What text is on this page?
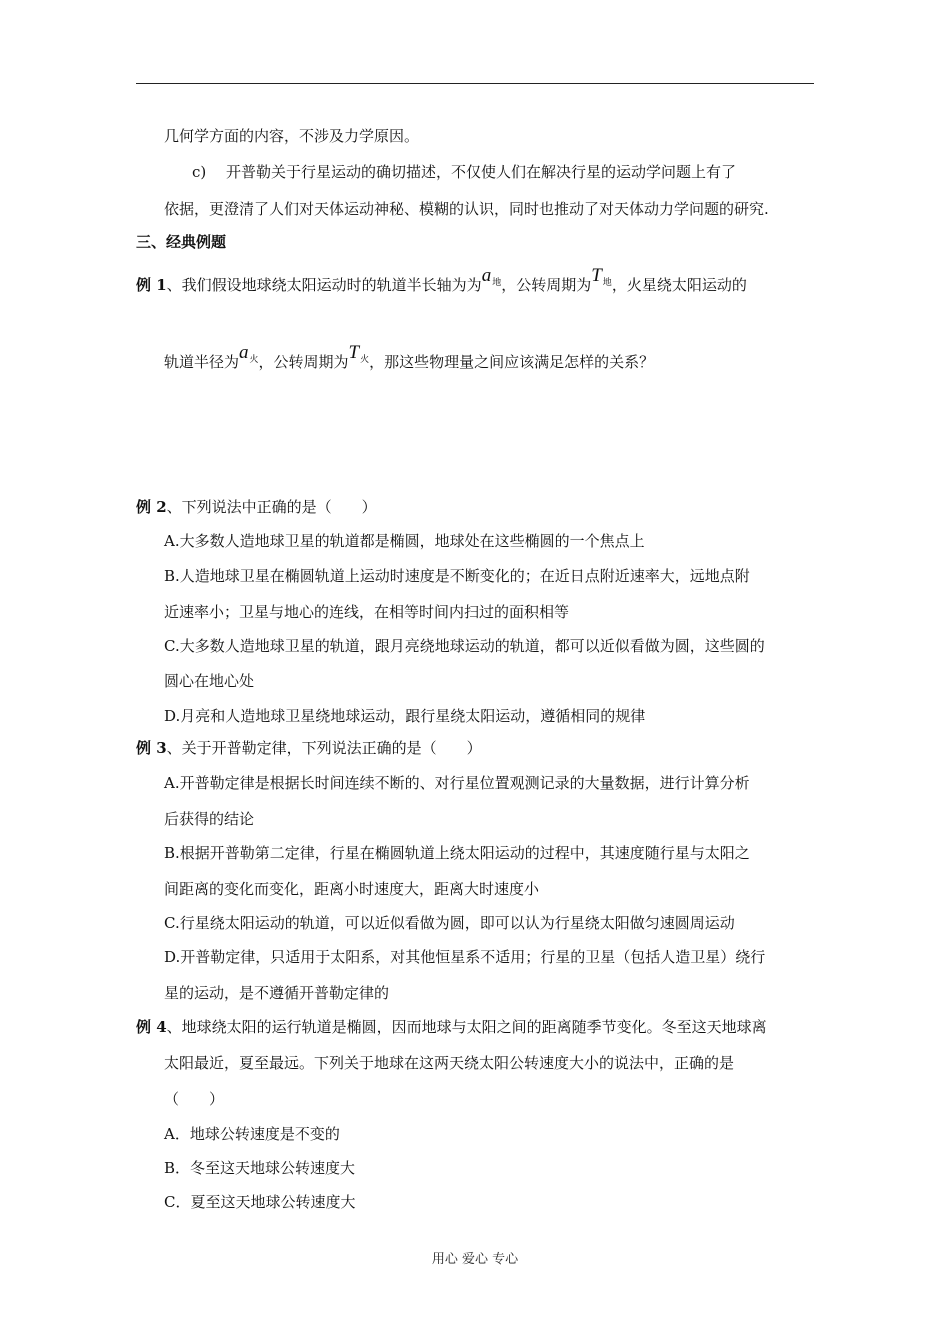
几何学方面的内容，不涉及力学原因。
c)　 开普勒关于行星运动的确切描述，不仅使人们在解决行星的运动学问题上有了
依据，更澄清了人们对天体运动神秘、模糊的认识，同时也推动了对天体动力学问题的研究.
三、经典例题
例 1、我们假设地球绕太阳运动时的轨道半长轴为为$a_地$，公转周期为$T_地$，火星绕太阳运动的
轨道半径为$a_火$，公转周期为$T_火$，那这些物理量之间应该满足怎样的关系？
例 2、下列说法中正确的是（　　）
A.大多数人造地球卫星的轨道都是椭圆，地球处在这些椭圆的一个焦点上
B.人造地球卫星在椭圆轨道上运动时速度是不断变化的；在近日点附近速率大，远地点附
近速率小；卫星与地心的连线，在相等时间内扫过的面积相等
C.大多数人造地球卫星的轨道，跟月亮绕地球运动的轨道，都可以近似看做为圆，这些圆的
圆心在地心处
D.月亮和人造地球卫星绕地球运动，跟行星绕太阳运动，遵循相同的规律
例 3、关于开普勒定律，下列说法正确的是（　　）
A.开普勒定律是根据长时间连续不断的、对行星位置观测记录的大量数据，进行计算分析
后获得的结论
B.根据开普勒第二定律，行星在椭圆轨道上绕太阳运动的过程中，其速度随行星与太阳之
间距离的变化而变化，距离小时速度大，距离大时速度小
C.行星绕太阳运动的轨道，可以近似看做为圆，即可以认为行星绕太阳做匀速圆周运动
D.开普勒定律，只适用于太阳系，对其他恒星系不适用；行星的卫星（包括人造卫星）绕行
星的运动，是不遵循开普勒定律的
例 4、地球绕太阳的运行轨道是椭圆，因而地球与太阳之间的距离随季节变化。冬至这天地球离
太阳最近，夏至最远。下列关于地球在这两天绕太阳公转速度大小的说法中，正确的是
（　　）
A．地球公转速度是不变的
B．冬至这天地球公转速度大
C．夏至这天地球公转速度大
用心 爱心 专心
